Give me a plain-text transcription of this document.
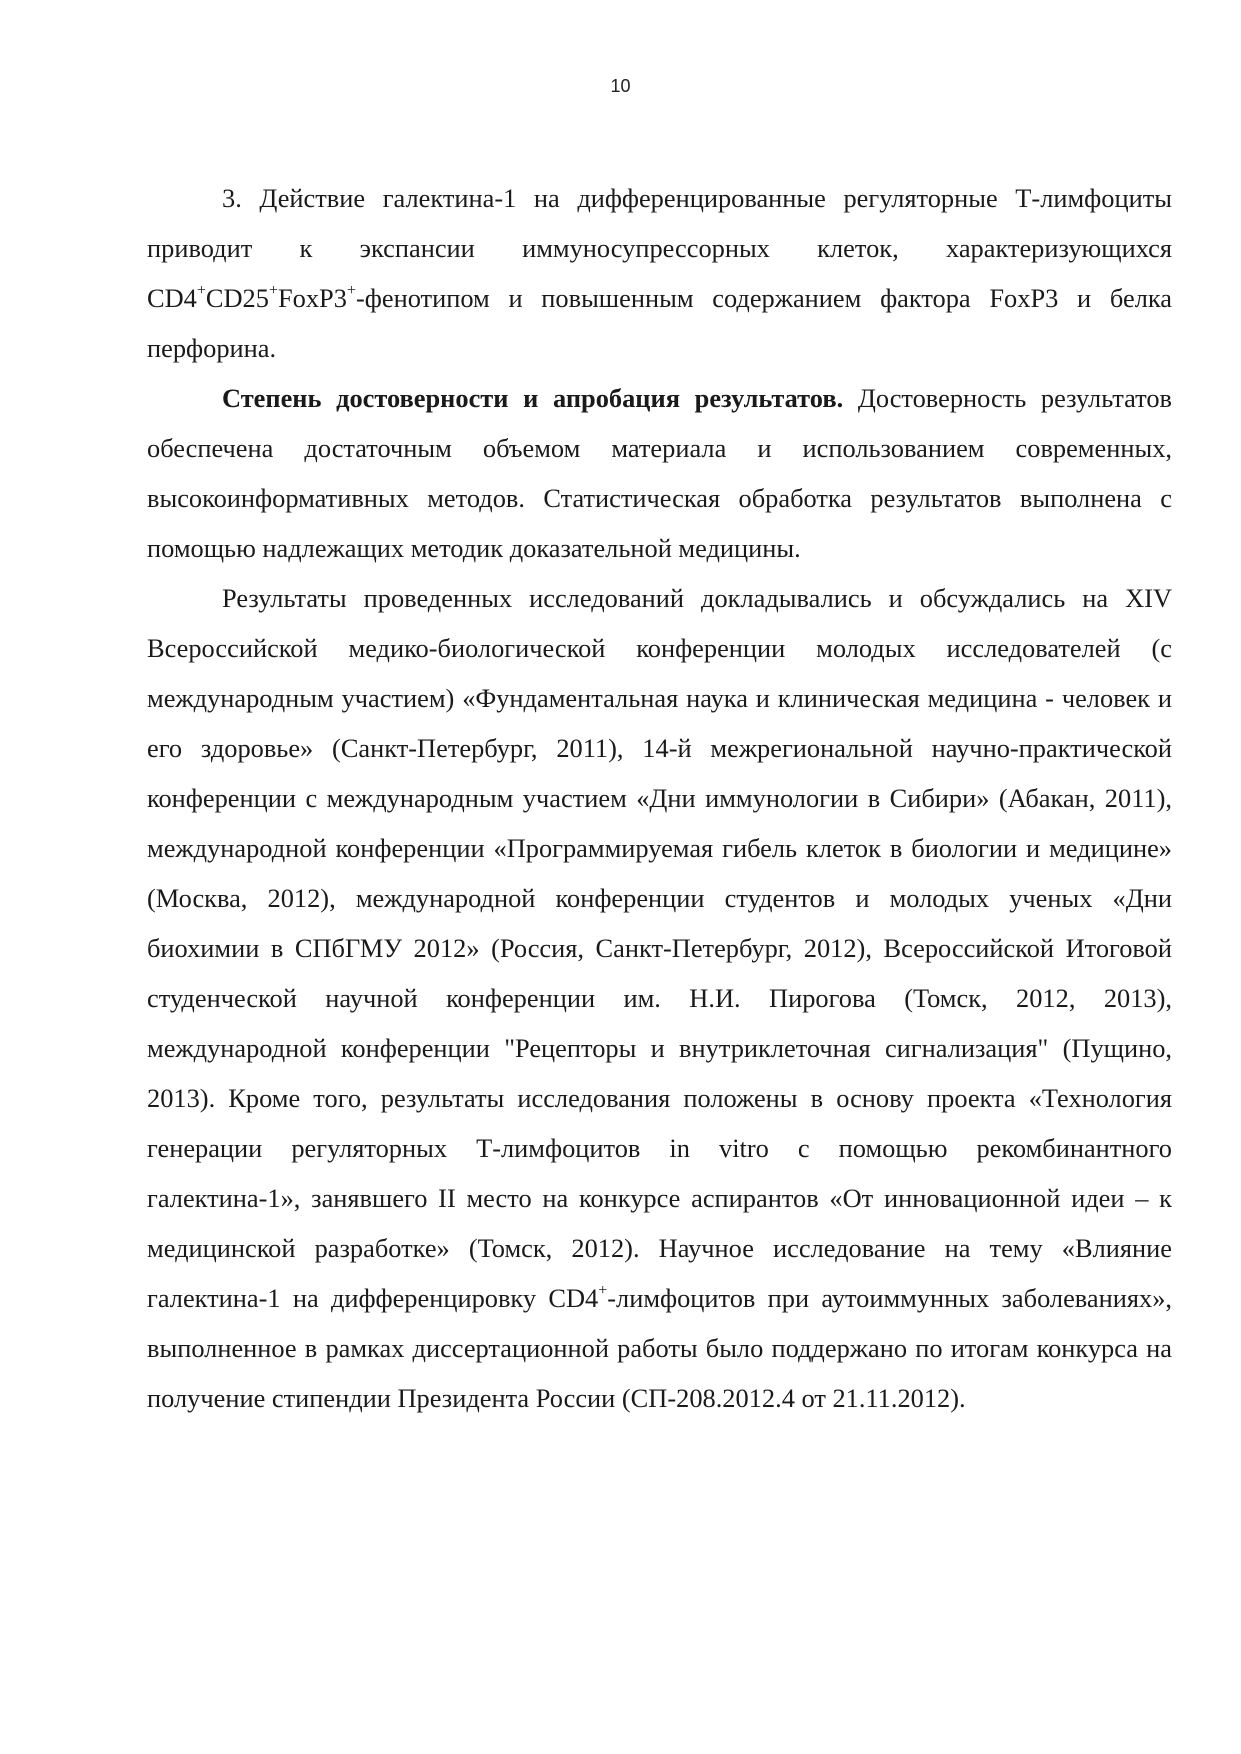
10

3. Действие галектина-1 на дифференцированные регуляторные Т-лимфоциты приводит к экспансии иммуносупрессорных клеток, характеризующихся CD4+CD25+FoxP3+-фенотипом и повышенным содержанием фактора FoxP3 и белка перфорина.

Степень достоверности и апробация результатов. Достоверность результатов обеспечена достаточным объемом материала и использованием современных, высокоинформативных методов. Статистическая обработка результатов выполнена с помощью надлежащих методик доказательной медицины.

Результаты проведенных исследований докладывались и обсуждались на XIV Всероссийской медико-биологической конференции молодых исследователей (с международным участием) «Фундаментальная наука и клиническая медицина - человек и его здоровье» (Санкт-Петербург, 2011), 14-й межрегиональной научно-практической конференции с международным участием «Дни иммунологии в Сибири» (Абакан, 2011), международной конференции «Программируемая гибель клеток в биологии и медицине» (Москва, 2012), международной конференции студентов и молодых ученых «Дни биохимии в СПбГМУ 2012» (Россия, Санкт-Петербург, 2012), Всероссийской Итоговой студенческой научной конференции им. Н.И. Пирогова (Томск, 2012, 2013), международной конференции "Рецепторы и внутриклеточная сигнализация" (Пущино, 2013). Кроме того, результаты исследования положены в основу проекта «Технология генерации регуляторных Т-лимфоцитов in vitro с помощью рекомбинантного галектина-1», занявшего II место на конкурсе аспирантов «От инновационной идеи – к медицинской разработке» (Томск, 2012). Научное исследование на тему «Влияние галектина-1 на дифференцировку CD4+-лимфоцитов при аутоиммунных заболеваниях», выполненное в рамках диссертационной работы было поддержано по итогам конкурса на получение стипендии Президента России (СП-208.2012.4 от 21.11.2012).
